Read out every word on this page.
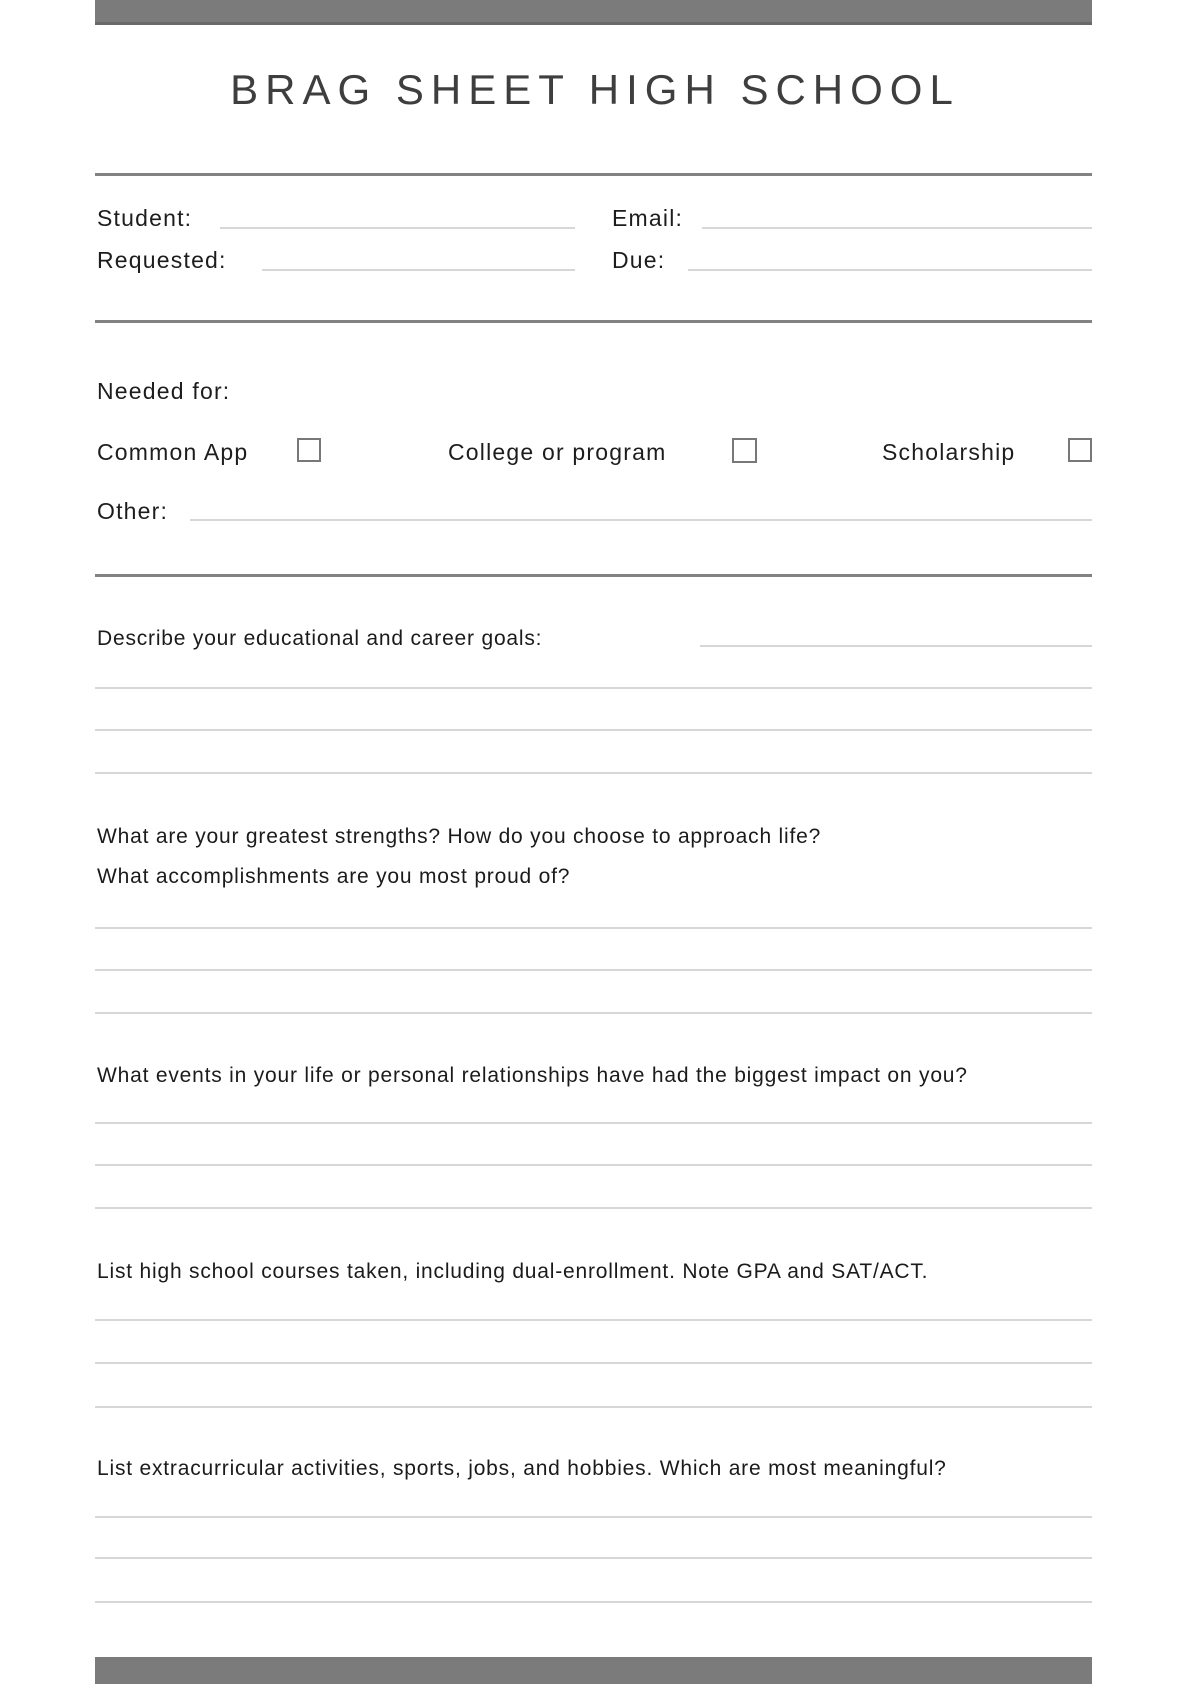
BRAG SHEET HIGH SCHOOL
Student:	Email:
Requested:	Due:
Needed for:
Common App	College or program	Scholarship
Other:
Describe your educational and career goals:
What are your greatest strengths? How do you choose to approach life?
What accomplishments are you most proud of?
What events in your life or personal relationships have had the biggest impact on you?
List high school courses taken, including dual-enrollment. Note GPA and SAT/ACT.
List extracurricular activities, sports, jobs, and hobbies. Which are most meaningful?
